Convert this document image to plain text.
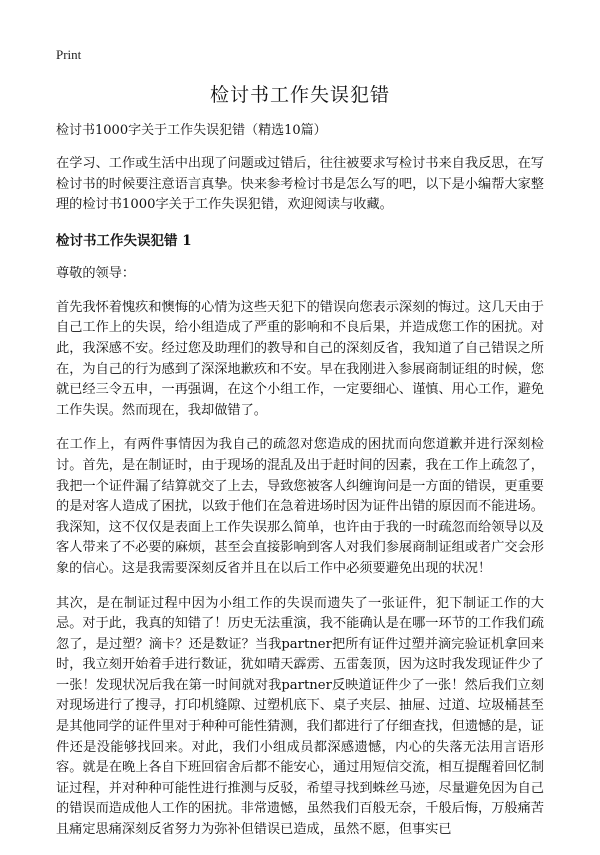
Print
检讨书工作失误犯错
检讨书1000字关于工作失误犯错（精选10篇）

在学习、工作或生活中出现了问题或过错后，往往被要求写检讨书来自我反思，在写检讨书的时候要注意语言真挚。快来参考检讨书是怎么写的吧，以下是小编帮大家整理的检讨书1000字关于工作失误犯错，欢迎阅读与收藏。

检讨书工作失误犯错 1
尊敬的领导：

首先我怀着愧疚和懊悔的心情为这些天犯下的错误向您表示深刻的悔过。这几天由于自己工作上的失误，给小组造成了严重的影响和不良后果，并造成您工作的困扰。对此，我深感不安。经过您及助理们的教导和自己的深刻反省，我知道了自己错误之所在，为自己的行为感到了深深地歉疚和不安。早在我刚进入参展商制证组的时候，您就已经三令五申，一再强调，在这个小组工作，一定要细心、谨慎、用心工作，避免工作失误。然而现在，我却做错了。

在工作上，有两件事情因为我自己的疏忽对您造成的困扰而向您道歉并进行深刻检讨。首先，是在制证时，由于现场的混乱及出于赶时间的因素，我在工作上疏忽了，我把一个证件漏了结算就交了上去，导致您被客人纠缠询问是一方面的错误，更重要的是对客人造成了困扰，以致于他们在急着进场时因为证件出错的原因而不能进场。我深知，这不仅仅是表面上工作失误那么简单，也许由于我的一时疏忽而给领导以及客人带来了不必要的麻烦，甚至会直接影响到客人对我们参展商制证组或者广交会形象的信心。这是我需要深刻反省并且在以后工作中必须要避免出现的状况！

其次，是在制证过程中因为小组工作的失误而遗失了一张证件，犯下制证工作的大忌。对于此，我真的知错了！历史无法重演，我不能确认是在哪一环节的工作我们疏忽了，是过塑？滴卡？还是数证？当我partner把所有证件过塑并滴完验证机拿回来时，我立刻开始着手进行数证，犹如晴天霹雳、五雷轰顶，因为这时我发现证件少了一张！发现状况后我在第一时间就对我partner反映道证件少了一张！然后我们立刻对现场进行了搜寻，打印机缝隙、过塑机底下、桌子夹层、抽屉、过道、垃圾桶甚至是其他同学的证件里对于种种可能性猜测，我们都进行了仔细查找，但遗憾的是，证件还是没能够找回来。对此，我们小组成员都深感遗憾，内心的失落无法用言语形容。就是在晚上各自下班回宿舍后都不能安心，通过用短信交流，相互提醒着回忆制证过程，并对种种可能性进行推测与反驳，希望寻找到蛛丝马迹，尽量避免因为自己的错误而造成他人工作的困扰。非常遗憾，虽然我们百般无奈，千般后悔，万般痛苦且痛定思痛深刻反省努力为弥补但错误已造成，虽然不愿，但事实已
